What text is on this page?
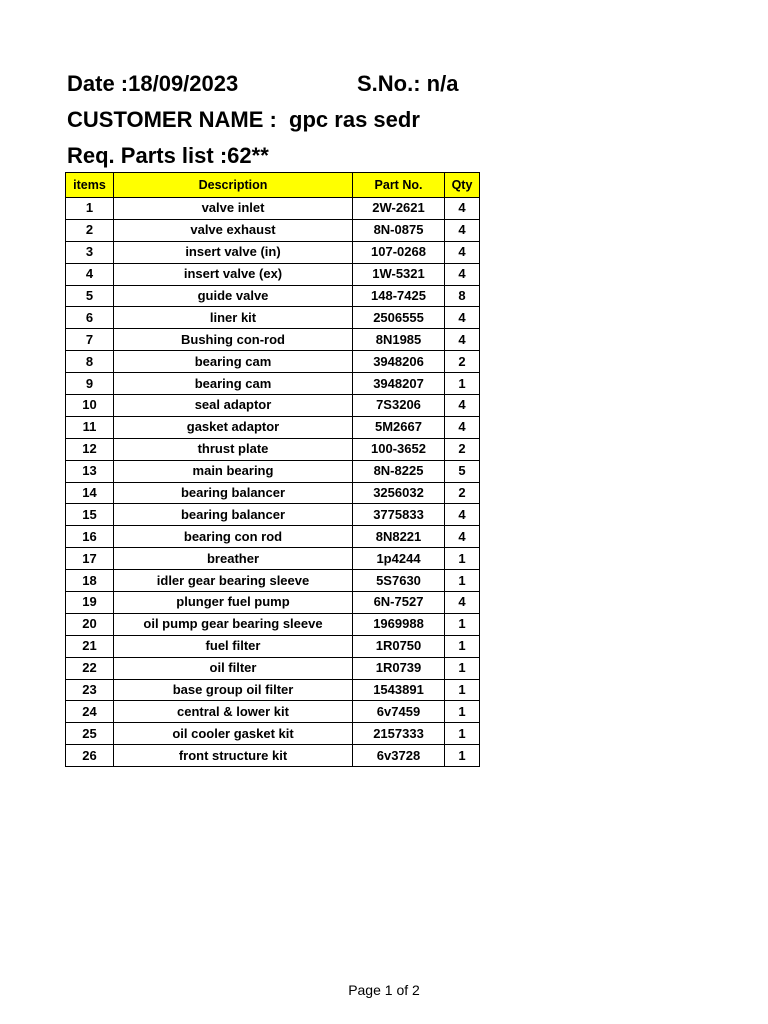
Date :18/09/2023	S.No.: n/a
CUSTOMER NAME :  gpc ras sedr
Req. Parts list :62**
items	Description	Part No.	Qty
1	valve inlet	2W-2621	4
2	valve exhaust	8N-0875	4
3	insert valve (in)	107-0268	4
4	insert valve (ex)	1W-5321	4
5	guide valve	148-7425	8
6	liner kit	2506555	4
7	Bushing con-rod	8N1985	4
8	bearing cam	3948206	2
9	bearing cam	3948207	1
10	seal adaptor	7S3206	4
11	gasket adaptor	5M2667	4
12	thrust plate	100-3652	2
13	main bearing	8N-8225	5
14	bearing balancer	3256032	2
15	bearing balancer	3775833	4
16	bearing con rod	8N8221	4
17	breather	1p4244	1
18	idler gear bearing sleeve	5S7630	1
19	plunger fuel pump	6N-7527	4
20	oil pump gear bearing sleeve	1969988	1
21	fuel filter	1R0750	1
22	oil filter	1R0739	1
23	base group oil filter	1543891	1
24	central & lower kit	6v7459	1
25	oil cooler gasket kit	2157333	1
26	front structure kit	6v3728	1
Page 1 of 2
